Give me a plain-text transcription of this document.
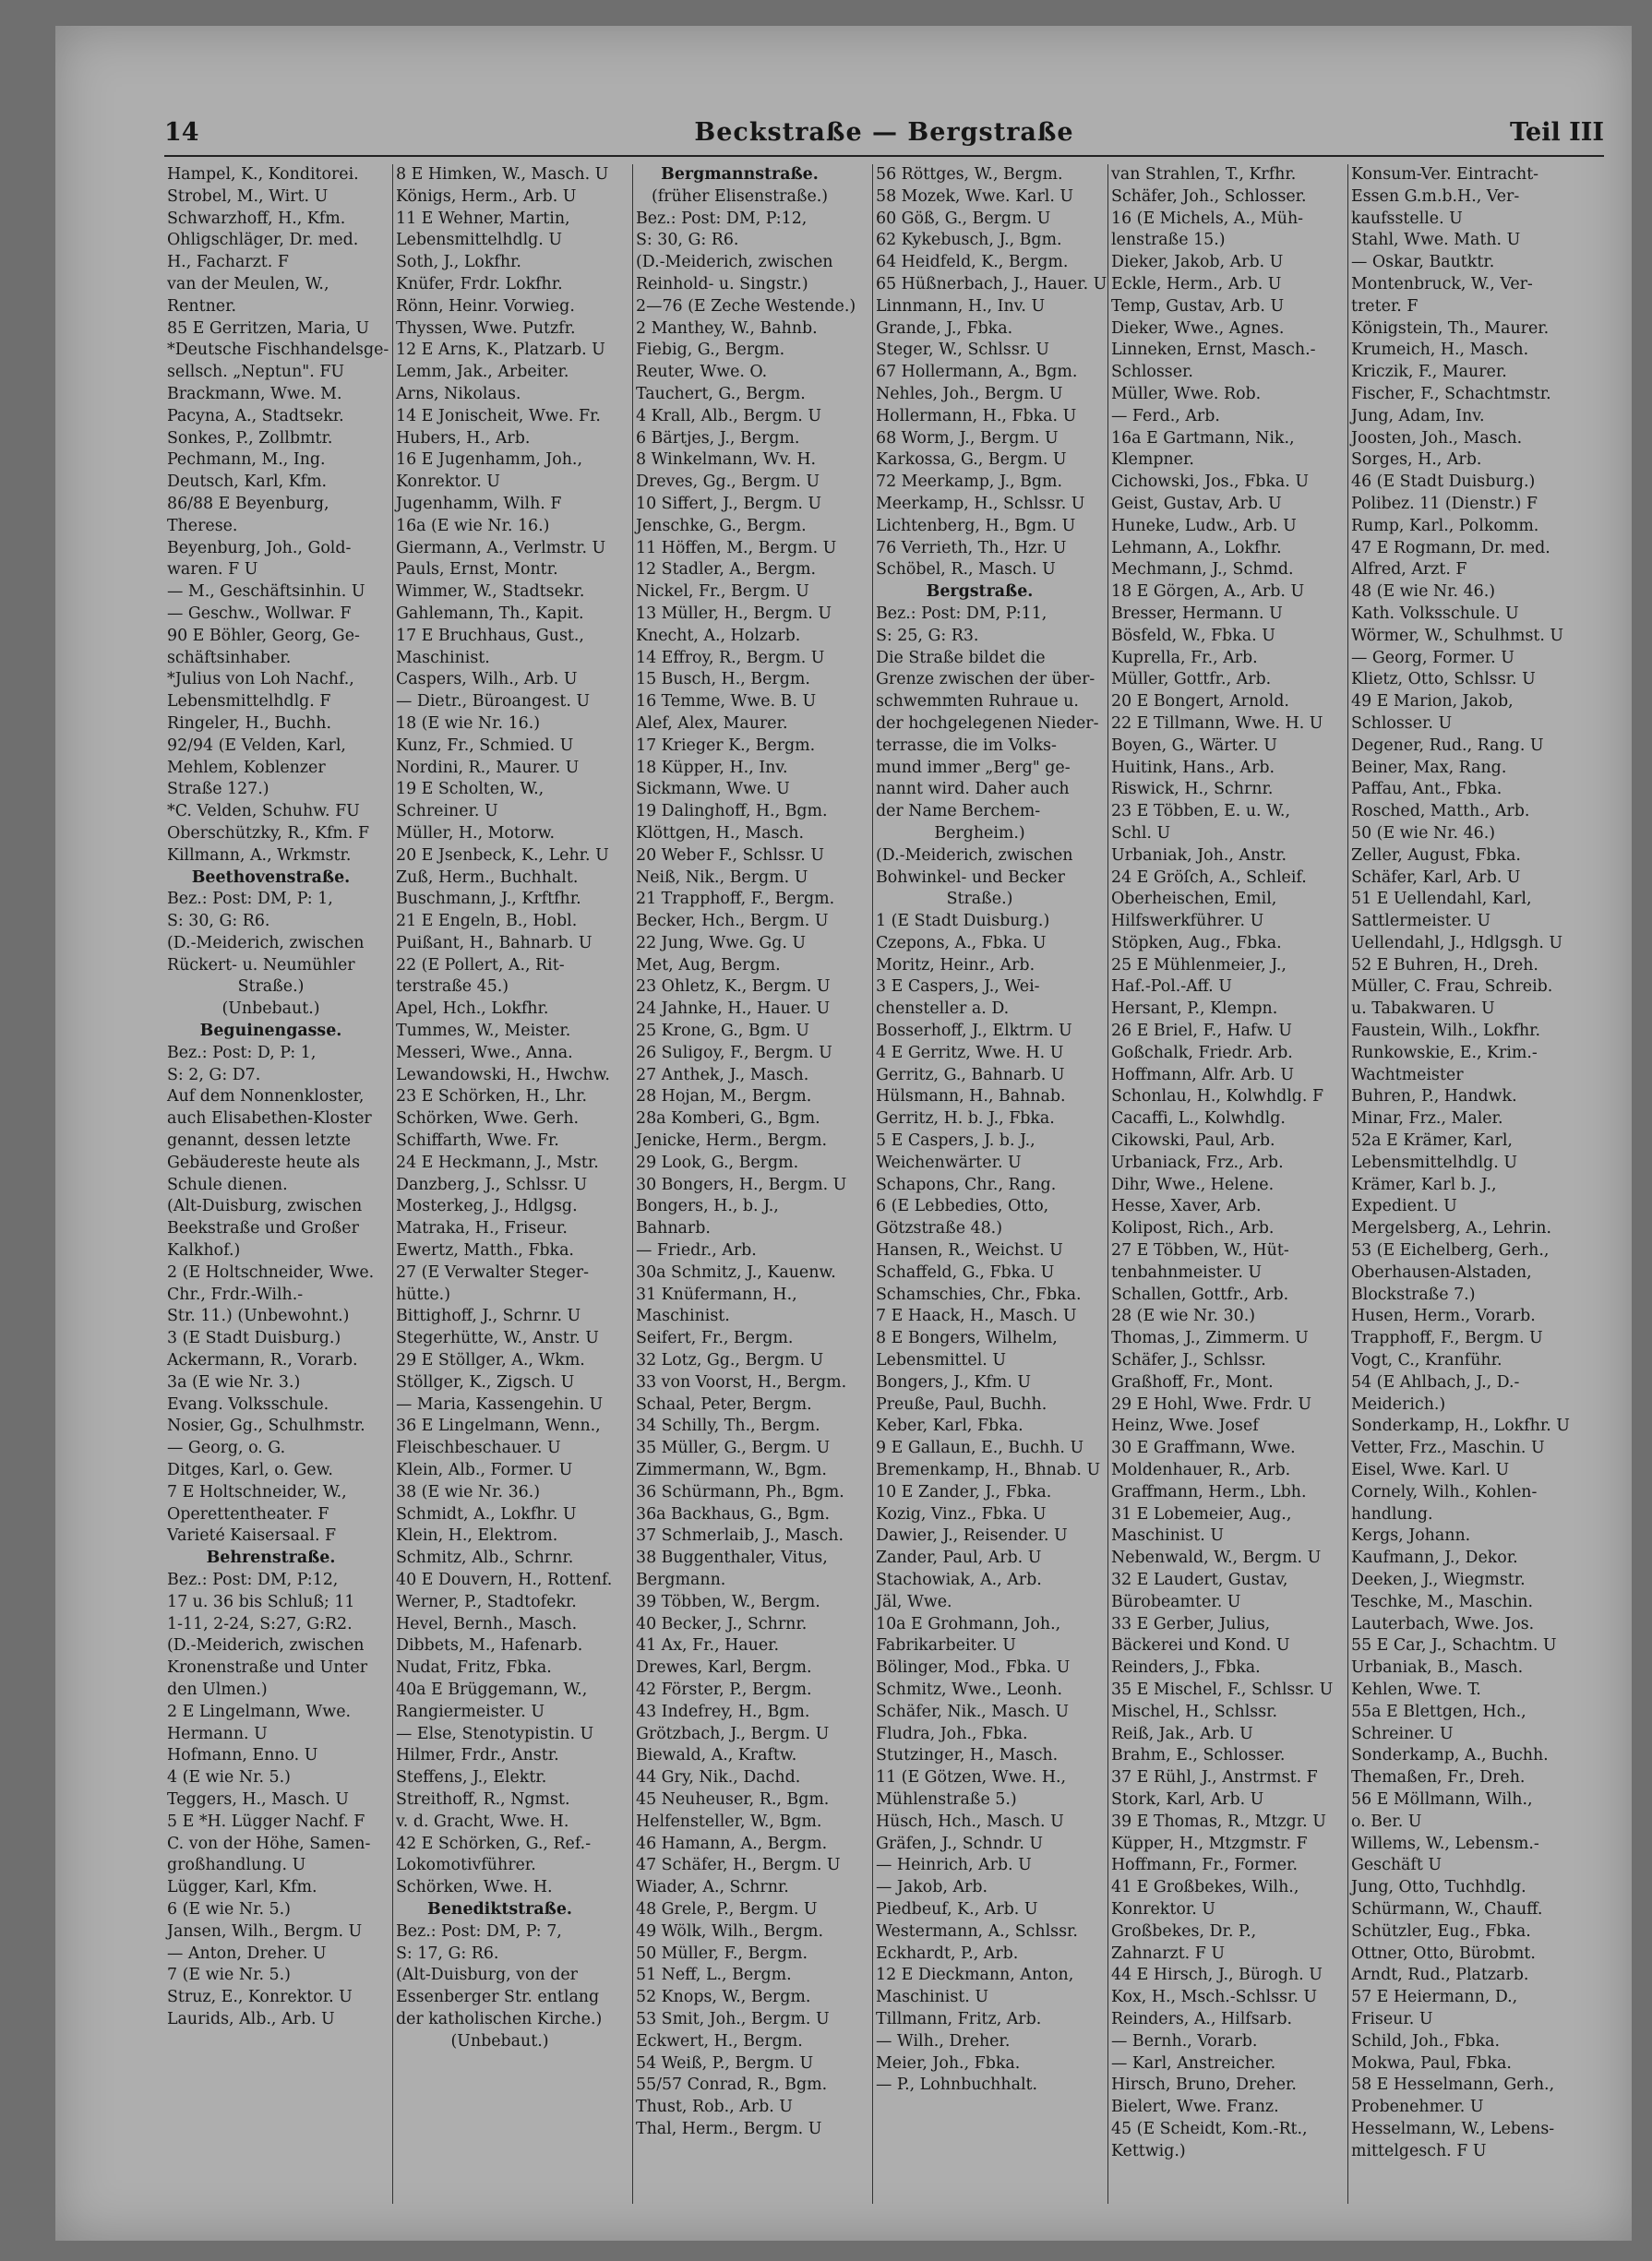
14	Beckstraße — Bergstraße	Teil III
Hampel, K., Konditorei.
Strobel, M., Wirt. U
Schwarzhoff, H., Kfm.
Ohligschläger, Dr. med.
H., Facharzt. F
van der Meulen, W.,
Rentner.
85 E Gerritzen, Maria, U
*Deutsche Fischhandelsge-
sellsch. „Neptun". FU
Brackmann, Wwe. M.
Pacyna, A., Stadtsekr.
Sonkes, P., Zollbmtr.
Pechmann, M., Ing.
Deutsch, Karl, Kfm.
86/88 E Beyenburg,
Therese.
Beyenburg, Joh., Gold-
waren. F U
— M., Geschäftsinhin. U
— Geschw., Wollwar. F
90 E Böhler, Georg, Ge-
schäftsinhaber.
*Julius von Loh Nachf.,
Lebensmittelhdlg. F
Ringeler, H., Buchh.
92/94 (E Velden, Karl,
Mehlem, Koblenzer
Straße 127.)
*C. Velden, Schuhw. FU
Oberschützky, R., Kfm. F
Killmann, A., Wrkmstr.
Beethovenstraße.
Bez.: Post: DM, P: 1,
S: 30, G: R6.
(D.-Meiderich, zwischen
Rückert- u. Neumühler
Straße.)
(Unbebaut.)
Beguinengasse.
Bez.: Post: D, P: 1,
S: 2, G: D7.
Auf dem Nonnenkloster,
auch Elisabethen-Kloster
genannt, dessen letzte
Gebäudereste heute als
Schule dienen.
(Alt-Duisburg, zwischen
Beekstraße und Großer
Kalkhof.)
2 (E Holtschneider, Wwe.
Chr., Frdr.-Wilh.-
Str. 11.) (Unbewohnt.)
3 (E Stadt Duisburg.)
Ackermann, R., Vorarb.
3a (E wie Nr. 3.)
Evang. Volksschule.
Nosier, Gg., Schulhmstr.
— Georg, o. G.
Ditges, Karl, o. Gew.
7 E Holtschneider, W.,
Operettentheater. F
Varieté Kaisersaal. F
Behrenstraße.
Bez.: Post: DM, P:12,
17 u. 36 bis Schluß; 11
1-11, 2-24, S:27, G:R2.
(D.-Meiderich, zwischen
Kronenstraße und Unter
den Ulmen.)
2 E Lingelmann, Wwe.
Hermann. U
Hofmann, Enno. U
4 (E wie Nr. 5.)
Teggers, H., Masch. U
5 E *H. Lügger Nachf. F
C. von der Höhe, Samen-
großhandlung. U
Lügger, Karl, Kfm.
6 (E wie Nr. 5.)
Jansen, Wilh., Bergm. U
— Anton, Dreher. U
7 (E wie Nr. 5.)
Struz, E., Konrektor. U
Laurids, Alb., Arb. U
8 E Himken, W., Masch. U
Königs, Herm., Arb. U
11 E Wehner, Martin,
Lebensmittelhdlg. U
Soth, J., Lokfhr.
Knüfer, Frdr. Lokfhr.
Rönn, Heinr. Vorwieg.
Thyssen, Wwe. Putzfr.
12 E Arns, K., Platzarb. U
Lemm, Jak., Arbeiter.
Arns, Nikolaus.
14 E Jonischeit, Wwe. Fr.
Hubers, H., Arb.
16 E Jugenhamm, Joh.,
Konrektor. U
Jugenhamm, Wilh. F
16a (E wie Nr. 16.)
Giermann, A., Verlmstr. U
Pauls, Ernst, Montr.
Wimmer, W., Stadtsekr.
Gahlemann, Th., Kapit.
17 E Bruchhaus, Gust.,
Maschinist.
Caspers, Wilh., Arb. U
— Dietr., Büroangest. U
18 (E wie Nr. 16.)
Kunz, Fr., Schmied. U
Nordini, R., Maurer. U
19 E Scholten, W.,
Schreiner. U
Müller, H., Motorw.
20 E Jsenbeck, K., Lehr. U
Zuß, Herm., Buchhalt.
Buschmann, J., Krftfhr.
21 E Engeln, B., Hobl.
Puißant, H., Bahnarb. U
22 (E Pollert, A., Rit-
terstraße 45.)
Apel, Hch., Lokfhr.
Tummes, W., Meister.
Messeri, Wwe., Anna.
Lewandowski, H., Hwchw.
23 E Schörken, H., Lhr.
Schörken, Wwe. Gerh.
Schiffarth, Wwe. Fr.
24 E Heckmann, J., Mstr.
Danzberg, J., Schlssr. U
Mosterkeg, J., Hdlgsg.
Matraka, H., Friseur.
Ewertz, Matth., Fbka.
27 (E Verwalter Steger-
hütte.)
Bittighoff, J., Schrnr. U
Stegerhütte, W., Anstr. U
29 E Stöllger, A., Wkm.
Stöllger, K., Zigsch. U
— Maria, Kassengehin. U
36 E Lingelmann, Wenn.,
Fleischbeschauer. U
Klein, Alb., Former. U
38 (E wie Nr. 36.)
Schmidt, A., Lokfhr. U
Klein, H., Elektrom.
Schmitz, Alb., Schrnr.
40 E Douvern, H., Rottenf.
Werner, P., Stadtofekr.
Hevel, Bernh., Masch.
Dibbets, M., Hafenarb.
Nudat, Fritz, Fbka.
40a E Brüggemann, W.,
Rangiermeister. U
— Else, Stenotypistin. U
Hilmer, Frdr., Anstr.
Steffens, J., Elektr.
Streithoff, R., Ngmst.
v. d. Gracht, Wwe. H.
42 E Schörken, G., Ref.-
Lokomotivführer.
Schörken, Wwe. H.
Benediktstraße.
Bez.: Post: DM, P: 7,
S: 17, G: R6.
(Alt-Duisburg, von der
Essenberger Str. entlang
der katholischen Kirche.)
(Unbebaut.)
Bergmannstraße.
(früher Elisenstraße.)
Bez.: Post: DM, P:12,
S: 30, G: R6.
(D.-Meiderich, zwischen
Reinhold- u. Singstr.)
2—76 (E Zeche Westende.)
2 Manthey, W., Bahnb.
Fiebig, G., Bergm.
Reuter, Wwe. O.
Tauchert, G., Bergm.
4 Krall, Alb., Bergm. U
6 Bärtjes, J., Bergm.
8 Winkelmann, Wv. H.
Dreves, Gg., Bergm. U
10 Siffert, J., Bergm. U
Jenschke, G., Bergm.
11 Höffen, M., Bergm. U
12 Stadler, A., Bergm.
Nickel, Fr., Bergm. U
13 Müller, H., Bergm. U
Knecht, A., Holzarb.
14 Effroy, R., Bergm. U
15 Busch, H., Bergm.
16 Temme, Wwe. B. U
Alef, Alex, Maurer.
17 Krieger K., Bergm.
18 Küpper, H., Inv.
Sickmann, Wwe. U
19 Dalinghoff, H., Bgm.
Klöttgen, H., Masch.
20 Weber F., Schlssr. U
Neiß, Nik., Bergm. U
21 Trapphoff, F., Bergm.
Becker, Hch., Bergm. U
22 Jung, Wwe. Gg. U
Met, Aug, Bergm.
23 Ohletz, K., Bergm. U
24 Jahnke, H., Hauer. U
25 Krone, G., Bgm. U
26 Suligoy, F., Bergm. U
27 Anthek, J., Masch.
28 Hojan, M., Bergm.
28a Komberi, G., Bgm.
Jenicke, Herm., Bergm.
29 Look, G., Bergm.
30 Bongers, H., Bergm. U
Bongers, H., b. J.,
Bahnarb.
— Friedr., Arb.
30a Schmitz, J., Kauenw.
31 Knüfermann, H.,
Maschinist.
Seifert, Fr., Bergm.
32 Lotz, Gg., Bergm. U
33 von Voorst, H., Bergm.
Schaal, Peter, Bergm.
34 Schilly, Th., Bergm.
35 Müller, G., Bergm. U
Zimmermann, W., Bgm.
36 Schürmann, Ph., Bgm.
36a Backhaus, G., Bgm.
37 Schmerlaib, J., Masch.
38 Buggenthaler, Vitus,
Bergmann.
39 Többen, W., Bergm.
40 Becker, J., Schrnr.
41 Ax, Fr., Hauer.
Drewes, Karl, Bergm.
42 Förster, P., Bergm.
43 Indefrey, H., Bgm.
Grötzbach, J., Bergm. U
Biewald, A., Kraftw.
44 Gry, Nik., Dachd.
45 Neuheuser, R., Bgm.
Helfensteller, W., Bgm.
46 Hamann, A., Bergm.
47 Schäfer, H., Bergm. U
Wiader, A., Schrnr.
48 Grele, P., Bergm. U
49 Wölk, Wilh., Bergm.
50 Müller, F., Bergm.
51 Neff, L., Bergm.
52 Knops, W., Bergm.
53 Smit, Joh., Bergm. U
Eckwert, H., Bergm.
54 Weiß, P., Bergm. U
55/57 Conrad, R., Bgm.
Thust, Rob., Arb. U
Thal, Herm., Bergm. U
56 Röttges, W., Bergm.
58 Mozek, Wwe. Karl. U
60 Göß, G., Bergm. U
62 Kykebusch, J., Bgm.
64 Heidfeld, K., Bergm.
65 Hüßnerbach, J., Hauer. U
Linnmann, H., Inv. U
Grande, J., Fbka.
Steger, W., Schlssr. U
67 Hollermann, A., Bgm.
Nehles, Joh., Bergm. U
Hollermann, H., Fbka. U
68 Worm, J., Bergm. U
Karkossa, G., Bergm. U
72 Meerkamp, J., Bgm.
Meerkamp, H., Schlssr. U
Lichtenberg, H., Bgm. U
76 Verrieth, Th., Hzr. U
Schöbel, R., Masch. U
Bergstraße.
Bez.: Post: DM, P:11,
S: 25, G: R3.
Die Straße bildet die
Grenze zwischen der über-
schwemmten Ruhraue u.
der hochgelegenen Nieder-
terrasse, die im Volks-
mund immer „Berg" ge-
nannt wird. Daher auch
der Name Berchem-
Bergheim.)
(D.-Meiderich, zwischen
Bohwinkel- und Becker
Straße.)
1 (E Stadt Duisburg.)
Czepons, A., Fbka. U
Moritz, Heinr., Arb.
3 E Caspers, J., Wei-
chensteller a. D.
Bosserhoff, J., Elktrm. U
4 E Gerritz, Wwe. H. U
Gerritz, G., Bahnarb. U
Hülsmann, H., Bahnab.
Gerritz, H. b. J., Fbka.
5 E Caspers, J. b. J.,
Weichenwärter. U
Schapons, Chr., Rang.
6 (E Lebbedies, Otto,
Götzstraße 48.)
Hansen, R., Weichst. U
Schaffeld, G., Fbka. U
Schamschies, Chr., Fbka.
7 E Haack, H., Masch. U
8 E Bongers, Wilhelm,
Lebensmittel. U
Bongers, J., Kfm. U
Preuße, Paul, Buchh.
Keber, Karl, Fbka.
9 E Gallaun, E., Buchh. U
Bremenkamp, H., Bhnab. U
10 E Zander, J., Fbka.
Kozig, Vinz., Fbka. U
Dawier, J., Reisender. U
Zander, Paul, Arb. U
Stachowiak, A., Arb.
Jäl, Wwe.
10a E Grohmann, Joh.,
Fabrikarbeiter. U
Bölinger, Mod., Fbka. U
Schmitz, Wwe., Leonh.
Schäfer, Nik., Masch. U
Fludra, Joh., Fbka.
Stutzinger, H., Masch.
11 (E Götzen, Wwe. H.,
Mühlenstraße 5.)
Hüsch, Hch., Masch. U
Gräfen, J., Schndr. U
— Heinrich, Arb. U
— Jakob, Arb.
Piedbeuf, K., Arb. U
Westermann, A., Schlssr.
Eckhardt, P., Arb.
12 E Dieckmann, Anton,
Maschinist. U
Tillmann, Fritz, Arb.
— Wilh., Dreher.
Meier, Joh., Fbka.
— P., Lohnbuchhalt.
van Strahlen, T., Krfhr.
Schäfer, Joh., Schlosser.
16 (E Michels, A., Müh-
lenstraße 15.)
Dieker, Jakob, Arb. U
Eckle, Herm., Arb. U
Temp, Gustav, Arb. U
Dieker, Wwe., Agnes.
Linneken, Ernst, Masch.-
Schlosser.
Müller, Wwe. Rob.
— Ferd., Arb.
16a E Gartmann, Nik.,
Klempner.
Cichowski, Jos., Fbka. U
Geist, Gustav, Arb. U
Huneke, Ludw., Arb. U
Lehmann, A., Lokfhr.
Mechmann, J., Schmd.
18 E Görgen, A., Arb. U
Bresser, Hermann. U
Bösfeld, W., Fbka. U
Kuprella, Fr., Arb.
Müller, Gottfr., Arb.
20 E Bongert, Arnold.
22 E Tillmann, Wwe. H. U
Boyen, G., Wärter. U
Huitink, Hans., Arb.
Riswick, H., Schrnr.
23 E Többen, E. u. W.,
Schl. U
Urbaniak, Joh., Anstr.
24 E Gröſch, A., Schleif.
Oberheischen, Emil,
Hilfswerkführer. U
Stöpken, Aug., Fbka.
25 E Mühlenmeier, J.,
Haf.-Pol.-Aff. U
Hersant, P., Klempn.
26 E Briel, F., Hafw. U
Goßchalk, Friedr. Arb.
Hoffmann, Alfr. Arb. U
Schonlau, H., Kolwhdlg. F
Cacaffi, L., Kolwhdlg.
Cikowski, Paul, Arb.
Urbaniack, Frz., Arb.
Dihr, Wwe., Helene.
Hesse, Xaver, Arb.
Kolipost, Rich., Arb.
27 E Többen, W., Hüt-
tenbahnmeister. U
Schallen, Gottfr., Arb.
28 (E wie Nr. 30.)
Thomas, J., Zimmerm. U
Schäfer, J., Schlssr.
Graßhoff, Fr., Mont.
29 E Hohl, Wwe. Frdr. U
Heinz, Wwe. Josef
30 E Graffmann, Wwe.
Moldenhauer, R., Arb.
Graffmann, Herm., Lbh.
31 E Lobemeier, Aug.,
Maschinist. U
Nebenwald, W., Bergm. U
32 E Laudert, Gustav,
Bürobeamter. U
33 E Gerber, Julius,
Bäckerei und Kond. U
Reinders, J., Fbka.
35 E Mischel, F., Schlssr. U
Mischel, H., Schlssr.
Reiß, Jak., Arb. U
Brahm, E., Schlosser.
37 E Rühl, J., Anstrmst. F
Stork, Karl, Arb. U
39 E Thomas, R., Mtzgr. U
Küpper, H., Mtzgmstr. F
Hoffmann, Fr., Former.
41 E Großbekes, Wilh.,
Konrektor. U
Großbekes, Dr. P.,
Zahnarzt. F U
44 E Hirsch, J., Bürogh. U
Kox, H., Msch.-Schlssr. U
Reinders, A., Hilfsarb.
— Bernh., Vorarb.
— Karl, Anstreicher.
Hirsch, Bruno, Dreher.
Bielert, Wwe. Franz.
45 (E Scheidt, Kom.-Rt.,
Kettwig.)
Konsum-Ver. Eintracht-
Essen G.m.b.H., Ver-
kaufsstelle. U
Stahl, Wwe. Math. U
— Oskar, Bautktr.
Montenbruck, W., Ver-
treter. F
Königstein, Th., Maurer.
Krumeich, H., Masch.
Kriczik, F., Maurer.
Fischer, F., Schachtmstr.
Jung, Adam, Inv.
Joosten, Joh., Masch.
Sorges, H., Arb.
46 (E Stadt Duisburg.)
Polibez. 11 (Dienstr.) F
Rump, Karl., Polkomm.
47 E Rogmann, Dr. med.
Alfred, Arzt. F
48 (E wie Nr. 46.)
Kath. Volksschule. U
Wörmer, W., Schulhmst. U
— Georg, Former. U
Klietz, Otto, Schlssr. U
49 E Marion, Jakob,
Schlosser. U
Degener, Rud., Rang. U
Beiner, Max, Rang.
Paffau, Ant., Fbka.
Rosched, Matth., Arb.
50 (E wie Nr. 46.)
Zeller, August, Fbka.
Schäfer, Karl, Arb. U
51 E Uellendahl, Karl,
Sattlermeister. U
Uellendahl, J., Hdlgsgh. U
52 E Buhren, H., Dreh.
Müller, C. Frau, Schreib.
u. Tabakwaren. U
Faustein, Wilh., Lokfhr.
Runkowskie, E., Krim.-
Wachtmeister
Buhren, P., Handwk.
Minar, Frz., Maler.
52a E Krämer, Karl,
Lebensmittelhdlg. U
Krämer, Karl b. J.,
Expedient. U
Mergelsberg, A., Lehrin.
53 (E Eichelberg, Gerh.,
Oberhausen-Alstaden,
Blockstraße 7.)
Husen, Herm., Vorarb.
Trapphoff, F., Bergm. U
Vogt, C., Kranführ.
54 (E Ahlbach, J., D.-
Meiderich.)
Sonderkamp, H., Lokfhr. U
Vetter, Frz., Maschin. U
Eisel, Wwe. Karl. U
Cornely, Wilh., Kohlen-
handlung.
Kergs, Johann.
Kaufmann, J., Dekor.
Deeken, J., Wiegmstr.
Teschke, M., Maschin.
Lauterbach, Wwe. Jos.
55 E Car, J., Schachtm. U
Urbaniak, B., Masch.
Kehlen, Wwe. T.
55a E Blettgen, Hch.,
Schreiner. U
Sonderkamp, A., Buchh.
Themaßen, Fr., Dreh.
56 E Möllmann, Wilh.,
o. Ber. U
Willems, W., Lebensm.-
Geschäft U
Jung, Otto, Tuchhdlg.
Schürmann, W., Chauff.
Schützler, Eug., Fbka.
Ottner, Otto, Bürobmt.
Arndt, Rud., Platzarb.
57 E Heiermann, D.,
Friseur. U
Schild, Joh., Fbka.
Mokwa, Paul, Fbka.
58 E Hesselmann, Gerh.,
Probenehmer. U
Hesselmann, W., Lebens-
mittelgesch. F U
